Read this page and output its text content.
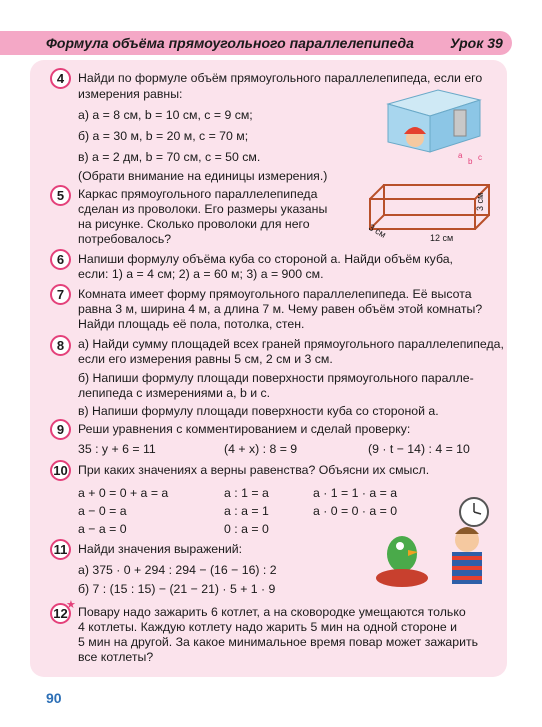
Формула объёма прямоугольного параллелепипеда	Урок 39
4	Найди по формуле объём прямоугольного параллелепипеда, если его
измерения равны:
а) a = 8 см, b = 10 см, c = 9 см;
б) a = 30 м, b = 20 м, c = 70 м;
в) a = 2 дм, b = 70 см, c = 50 см.
(Обрати внимание на единицы измерения.)
a
b c
5	Каркас прямоугольного параллелепипеда
сделан из проволоки. Его размеры указаны
на рисунке. Сколько проволоки для него
потребовалось?
3 см
12 см
3 см
6	Напиши формулу объёма куба со стороной a. Найди объём куба,
если: 1) a = 4 см; 2) a = 60 м; 3) a = 900 см.
7	Комната имеет форму прямоугольного параллелепипеда. Её высота
равна 3 м, ширина 4 м, а длина 7 м. Чему равен объём этой комнаты?
Найди площадь её пола, потолка, стен.
8	а) Найди сумму площадей всех граней прямоугольного параллелепипеда,
если его измерения равны 5 см, 2 см и 3 см.
б) Напиши формулу площади поверхности прямоугольного паралле-
лепипеда с измерениями a, b и c.
в) Напиши формулу площади поверхности куба со стороной a.
9	Реши уравнения с комментированием и сделай проверку:
35 : y + 6 = 11	(4 + x) : 8 = 9	(9 · t − 14) : 4 = 10
10 При каких значениях a верны равенства? Объясни их смысл.
a + 0 = 0 + a = a	a : 1 = a	a · 1 = 1 · a = a
a − 0 = a	a : a = 1	a · 0 = 0 · a = 0
a − a = 0	0 : a = 0
11 Найди значения выражений:
а) 375 · 0 + 294 : 294 − (16 − 16) : 2
б) 7 : (15 : 15) − (21 − 21) · 5 + 1 · 9
12
★ Повару надо зажарить 6 котлет, а на сковородке умещаются только
4 котлеты. Каждую котлету надо жарить 5 мин на одной стороне и
5 мин на другой. За какое минимальное время повар может зажарить
все котлеты?
90
